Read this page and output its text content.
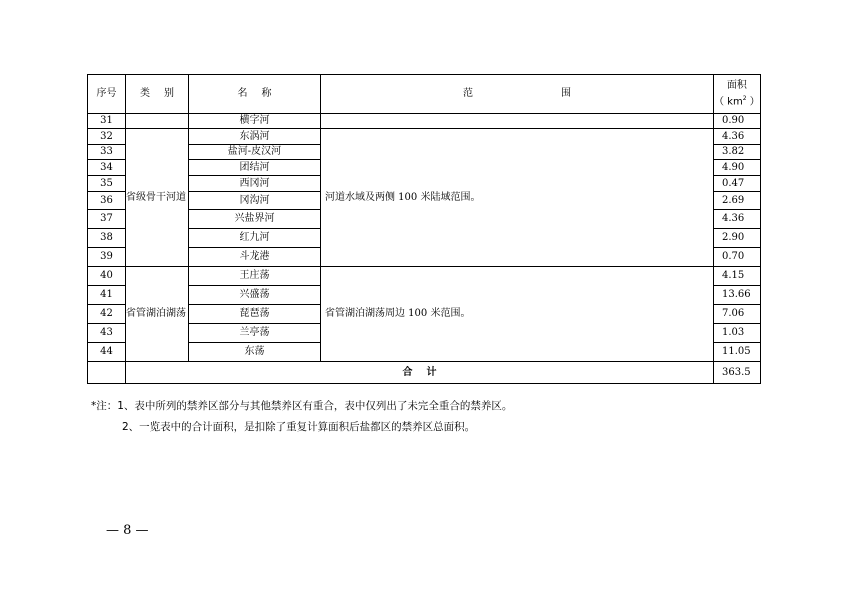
序号	类别	名称	范围	面积
（ $km^2$ ）
31		横字河		0.90
32	省级骨干河道	东涡河	河道水域及两侧 100 米陆域范围。	4.36
33		盐河-皮汉河		3.82
34		团结河		4.90
35		西冈河		0.47
36		冈沟河		2.69
37		兴盐界河		4.36
38		红九河		2.90
39		斗龙港		0.70
40	省管湖泊湖荡	王庄荡	省管湖泊湖荡周边 100 米范围。	4.15
41		兴盛荡		13.66
42		琵琶荡		7.06
43		兰亭荡		1.03
44		东荡		11.05
	合计			363.5
*注：1、表中所列的禁养区部分与其他禁养区有重合，表中仅列出了未完全重合的禁养区。
2、一览表中的合计面积，是扣除了重复计算面积后盐都区的禁养区总面积。
— 8 —
